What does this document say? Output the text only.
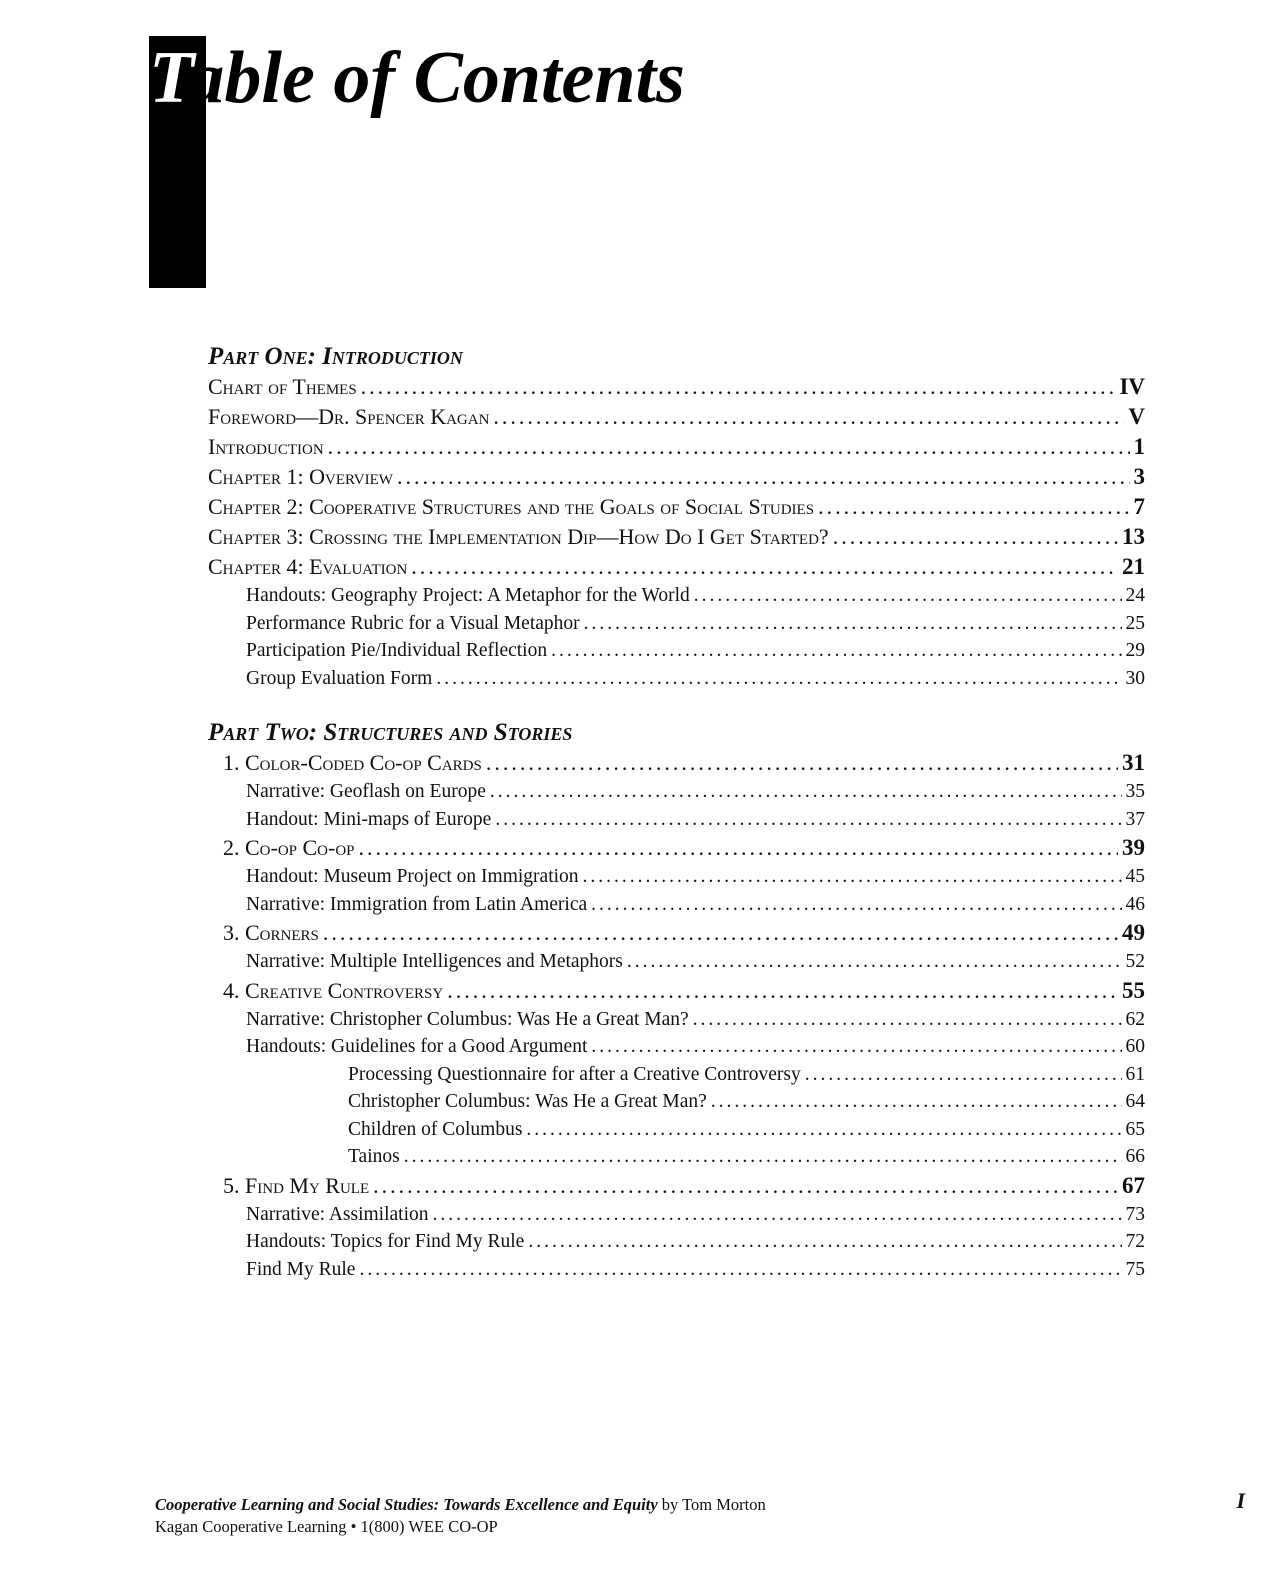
Table of Contents
Part One: Introduction
Chart of Themes .....	IV
Foreword—Dr. Spencer Kagan .....	V
Introduction .....	1
Chapter 1: Overview .....	3
Chapter 2: Cooperative Structures and the Goals of Social Studies .....	7
Chapter 3: Crossing the Implementation Dip—How Do I Get Started? .....	13
Chapter 4: Evaluation .....	21
Handouts: Geography Project: A Metaphor for the World .....	24
Performance Rubric for a Visual Metaphor .....	25
Participation Pie/Individual Reflection .....	29
Group Evaluation Form .....	30
Part Two: Structures and Stories
1. Color-Coded Co-op Cards .....	31
Narrative: Geoflash on Europe .....	35
Handout: Mini-maps of Europe .....	37
2. Co-op Co-op .....	39
Handout: Museum Project on Immigration .....	45
Narrative: Immigration from Latin America .....	46
3. Corners .....	49
Narrative: Multiple Intelligences and Metaphors .....	52
4. Creative Controversy .....	55
Narrative: Christopher Columbus: Was He a Great Man? .....	62
Handouts: Guidelines for a Good Argument .....	60
Processing Questionnaire for after a Creative Controversy .....	61
Christopher Columbus: Was He a Great Man? .....	64
Children of Columbus .....	65
Tainos .....	66
5. Find My Rule .....	67
Narrative: Assimilation .....	73
Handouts: Topics for Find My Rule .....	72
Find My Rule .....	75
Cooperative Learning and Social Studies: Towards Excellence and Equity by Tom Morton
Kagan Cooperative Learning • 1(800) WEE CO-OP
I
